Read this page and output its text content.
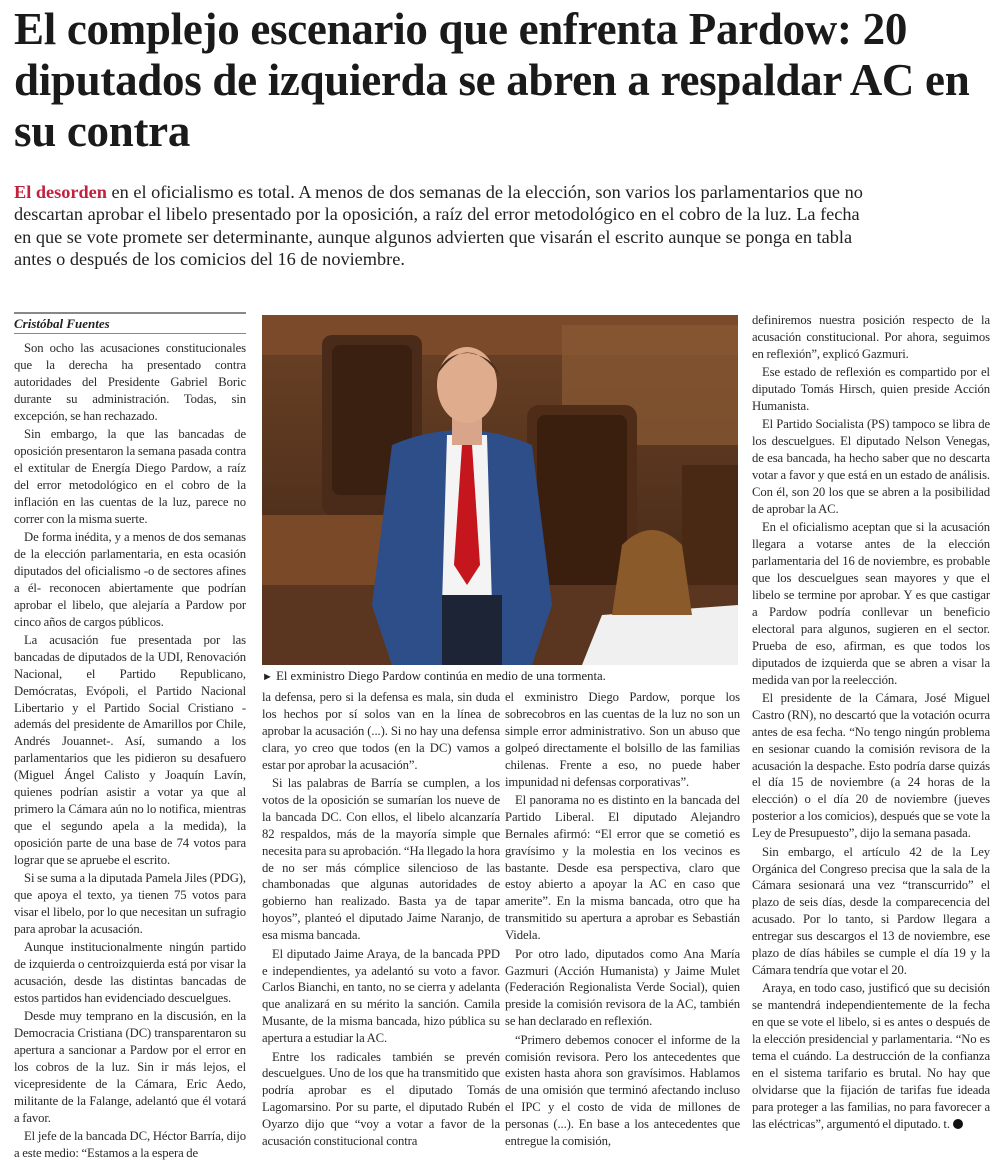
El complejo escenario que enfrenta Pardow: 20 diputados de izquierda se abren a respaldar AC en su contra

El desorden en el oficialismo es total. A menos de dos semanas de la elección, son varios los parlamentarios que no descartan aprobar el libelo presentado por la oposición, a raíz del error metodológico en el cobro de la luz. La fecha en que se vote promete ser determinante, aunque algunos advierten que visarán el escrito aunque se ponga en tabla antes o después de los comicios del 16 de noviembre.

Cristóbal Fuentes

► El exministro Diego Pardow continúa en medio de una tormenta.

Son ocho las acusaciones constitucionales que la derecha ha presentado contra autoridades del Presidente Gabriel Boric durante su administración. Todas, sin excepción, se han rechazado.

Sin embargo, la que las bancadas de oposición presentaron la semana pasada contra el extitular de Energía Diego Pardow, a raíz del error metodológico en el cobro de la inflación en las cuentas de la luz, parece no correr con la misma suerte.

De forma inédita, y a menos de dos semanas de la elección parlamentaria, en esta ocasión diputados del oficialismo -o de sectores afines a él- reconocen abiertamente que podrían aprobar el libelo, que alejaría a Pardow por cinco años de cargos públicos.

La acusación fue presentada por las bancadas de diputados de la UDI, Renovación Nacional, el Partido Republicano, Demócratas, Evópoli, el Partido Nacional Libertario y el Partido Social Cristiano -además del presidente de Amarillos por Chile, Andrés Jouannet-. Así, sumando a los parlamentarios que les pidieron su desafuero (Miguel Ángel Calisto y Joaquín Lavín, quienes podrían asistir a votar ya que al primero la Cámara aún no lo notifica, mientras que el segundo apela a la medida), la oposición parte de una base de 74 votos para lograr que se apruebe el escrito.

Si se suma a la diputada Pamela Jiles (PDG), que apoya el texto, ya tienen 75 votos para visar el libelo, por lo que necesitan un sufragio para aprobar la acusación.

Aunque institucionalmente ningún partido de izquierda o centroizquierda está por visar la acusación, desde las distintas bancadas de estos partidos han evidenciado descuelgues.

Desde muy temprano en la discusión, en la Democracia Cristiana (DC) transparentaron su apertura a sancionar a Pardow por el error en los cobros de la luz. Sin ir más lejos, el vicepresidente de la Cámara, Eric Aedo, militante de la Falange, adelantó que él votará a favor.

El jefe de la bancada DC, Héctor Barría, dijo a este medio: “Estamos a la espera de

la defensa, pero si la defensa es mala, sin duda los hechos por sí solos van en la línea de aprobar la acusación (...). Si no hay una defensa clara, yo creo que todos (en la DC) vamos a estar por aprobar la acusación”.

Si las palabras de Barría se cumplen, a los votos de la oposición se sumarían los nueve de la bancada DC. Con ellos, el libelo alcanzaría 82 respaldos, más de la mayoría simple que necesita para su aprobación. “Ha llegado la hora de no ser más cómplice silencioso de las chambonadas que algunas autoridades de gobierno han realizado. Basta ya de tapar hoyos”, planteó el diputado Jaime Naranjo, de esa misma bancada.

El diputado Jaime Araya, de la bancada PPD e independientes, ya adelantó su voto a favor. Carlos Bianchi, en tanto, no se cierra y adelanta que analizará en su mérito la sanción. Camila Musante, de la misma bancada, hizo pública su apertura a estudiar la AC.

Entre los radicales también se prevén descuelgues. Uno de los que ha transmitido que podría aprobar es el diputado Tomás Lagomarsino. Por su parte, el diputado Rubén Oyarzo dijo que “voy a votar a favor de la acusación constitucional contra

el exministro Diego Pardow, porque los sobrecobros en las cuentas de la luz no son un simple error administrativo. Son un abuso que golpeó directamente el bolsillo de las familias chilenas. Frente a eso, no puede haber impunidad ni defensas corporativas”.

El panorama no es distinto en la bancada del Partido Liberal. El diputado Alejandro Bernales afirmó: “El error que se cometió es gravísimo y la molestia en los vecinos es bastante. Desde esa perspectiva, claro que estoy abierto a apoyar la AC en caso que amerite”. En la misma bancada, otro que ha transmitido su apertura a aprobar es Sebastián Videla.

Por otro lado, diputados como Ana María Gazmuri (Acción Humanista) y Jaime Mulet (Federación Regionalista Verde Social), quien preside la comisión revisora de la AC, también se han declarado en reflexión.

“Primero debemos conocer el informe de la comisión revisora. Pero los antecedentes que existen hasta ahora son gravísimos. Hablamos de una omisión que terminó afectando incluso el IPC y el costo de vida de millones de personas (...). En base a los antecedentes que entregue la comisión,

definiremos nuestra posición respecto de la acusación constitucional. Por ahora, seguimos en reflexión”, explicó Gazmuri.

Ese estado de reflexión es compartido por el diputado Tomás Hirsch, quien preside Acción Humanista.

El Partido Socialista (PS) tampoco se libra de los descuelgues. El diputado Nelson Venegas, de esa bancada, ha hecho saber que no descarta votar a favor y que está en un estado de análisis. Con él, son 20 los que se abren a la posibilidad de aprobar la AC.

En el oficialismo aceptan que si la acusación llegara a votarse antes de la elección parlamentaria del 16 de noviembre, es probable que los descuelgues sean mayores y que el libelo se termine por aprobar. Y es que castigar a Pardow podría conllevar un beneficio electoral para algunos, sugieren en el sector. Prueba de eso, afirman, es que todos los diputados de izquierda que se abren a visar la medida van por la reelección.

El presidente de la Cámara, José Miguel Castro (RN), no descartó que la votación ocurra antes de esa fecha. “No tengo ningún problema en sesionar cuando la comisión revisora de la acusación la despache. Esto podría darse quizás el día 15 de noviembre (a 24 horas de la elección) o el día 20 de noviembre (jueves posterior a los comicios), después que se vote la Ley de Presupuesto”, dijo la semana pasada.

Sin embargo, el artículo 42 de la Ley Orgánica del Congreso precisa que la sala de la Cámara sesionará una vez “transcurrido” el plazo de seis días, desde la comparecencia del acusado. Por lo tanto, si Pardow llegara a entregar sus descargos el 13 de noviembre, ese plazo de días hábiles se cumple el día 19 y la Cámara tendría que votar el 20.

Araya, en todo caso, justificó que su decisión se mantendrá independientemente de la fecha en que se vote el libelo, si es antes o después de la elección presidencial y parlamentaria. “No es tema el cuándo. La destrucción de la confianza en el sistema tarifario es brutal. No hay que olvidarse que la fijación de tarifas fue ideada para proteger a las familias, no para favorecer a las eléctricas”, argumentó el diputado. t.
